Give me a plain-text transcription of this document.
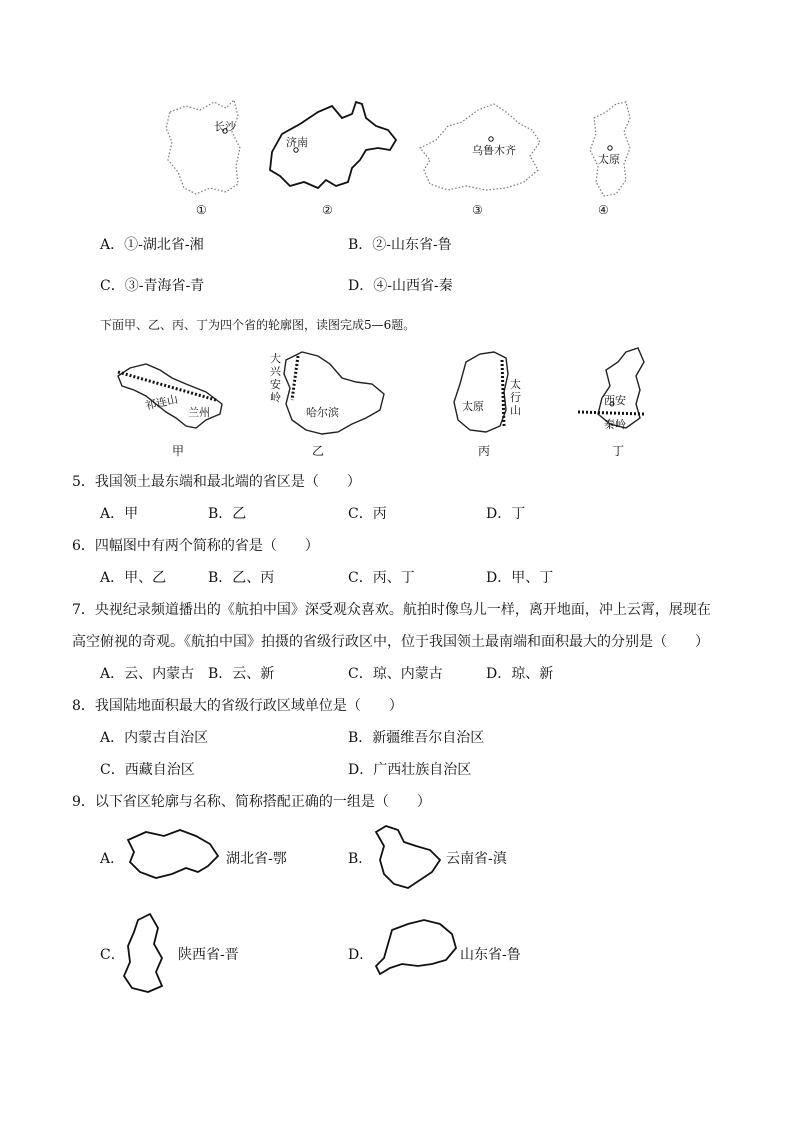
长沙
济南
乌鲁木齐
太原
①	②	③	④
A．①-湖北省-湘	B．②-山东省-鲁
C．③-青海省-青	D．④-山西省-秦
下面甲、乙、丙、丁为四个省的轮廓图，读图完成5—6题。
祁连山
兰州
大
兴
安
岭
哈尔滨	太原
太
行
山
西安
秦岭
甲	乙	丙	丁
5．我国领土最东端和最北端的省区是（　　）
A．甲	B．乙	C．丙	D．丁
6．四幅图中有两个简称的省是（　　）
A．甲、乙	B．乙、丙	C．丙、丁	D．甲、丁
7．央视纪录频道播出的《航拍中国》深受观众喜欢。航拍时像鸟儿一样，离开地面，冲上云霄，展现在
高空俯视的奇观。《航拍中国》拍摄的省级行政区中，位于我国领土最南端和面积最大的分别是（　　）
A．云、内蒙古 B．云、新	C．琼、内蒙古	D．琼、新
8．我国陆地面积最大的省级行政区域单位是（　　）
A．内蒙古自治区	B．新疆维吾尔自治区
C．西藏自治区	D．广西壮族自治区
9．以下省区轮廓与名称、简称搭配正确的一组是（　　）
A．	湖北省-鄂	B．	云南省-滇
C．	陕西省-晋	D．	山东省-鲁
